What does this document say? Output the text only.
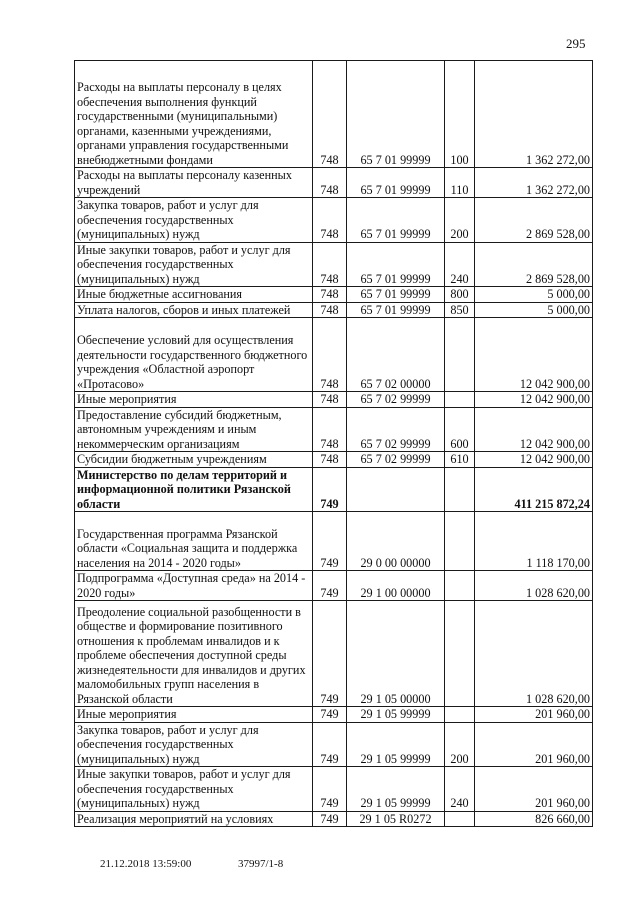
295
Расходы на выплаты персоналу в целях обеспечения выполнения функций государственными (муниципальными) органами, казенными учреждениями, органами управления государственными внебюджетными фондами	748	65 7 01 99999	100	1 362 272,00
Расходы на выплаты персоналу казенных учреждений	748	65 7 01 99999	110	1 362 272,00
Закупка товаров, работ и услуг для обеспечения государственных (муниципальных) нужд	748	65 7 01 99999	200	2 869 528,00
Иные закупки товаров, работ и услуг для обеспечения государственных (муниципальных) нужд	748	65 7 01 99999	240	2 869 528,00
Иные бюджетные ассигнования	748	65 7 01 99999	800	5 000,00
Уплата налогов, сборов и иных платежей	748	65 7 01 99999	850	5 000,00
Обеспечение условий для осуществления деятельности государственного бюджетного учреждения «Областной аэропорт «Протасово»	748	65 7 02 00000		12 042 900,00
Иные мероприятия	748	65 7 02 99999		12 042 900,00
Предоставление субсидий бюджетным, автономным учреждениям и иным некоммерческим организациям	748	65 7 02 99999	600	12 042 900,00
Субсидии бюджетным учреждениям	748	65 7 02 99999	610	12 042 900,00
Министерство по делам территорий и информационной политики Рязанской области	749			411 215 872,24
Государственная программа Рязанской области «Социальная защита и поддержка населения на 2014 - 2020 годы»	749	29 0 00 00000		1 118 170,00
Подпрограмма «Доступная среда» на 2014 - 2020 годы»	749	29 1 00 00000		1 028 620,00
Преодоление социальной разобщенности в обществе и формирование позитивного отношения к проблемам инвалидов и к проблеме обеспечения доступной среды жизнедеятельности для инвалидов и других маломобильных групп населения в Рязанской области	749	29 1 05 00000		1 028 620,00
Иные мероприятия	749	29 1 05 99999		201 960,00
Закупка товаров, работ и услуг для обеспечения государственных (муниципальных) нужд	749	29 1 05 99999	200	201 960,00
Иные закупки товаров, работ и услуг для обеспечения государственных (муниципальных) нужд	749	29 1 05 99999	240	201 960,00
Реализация мероприятий на условиях	749	29 1 05 R0272		826 660,00
21.12.2018 13:59:00	37997/1-8
